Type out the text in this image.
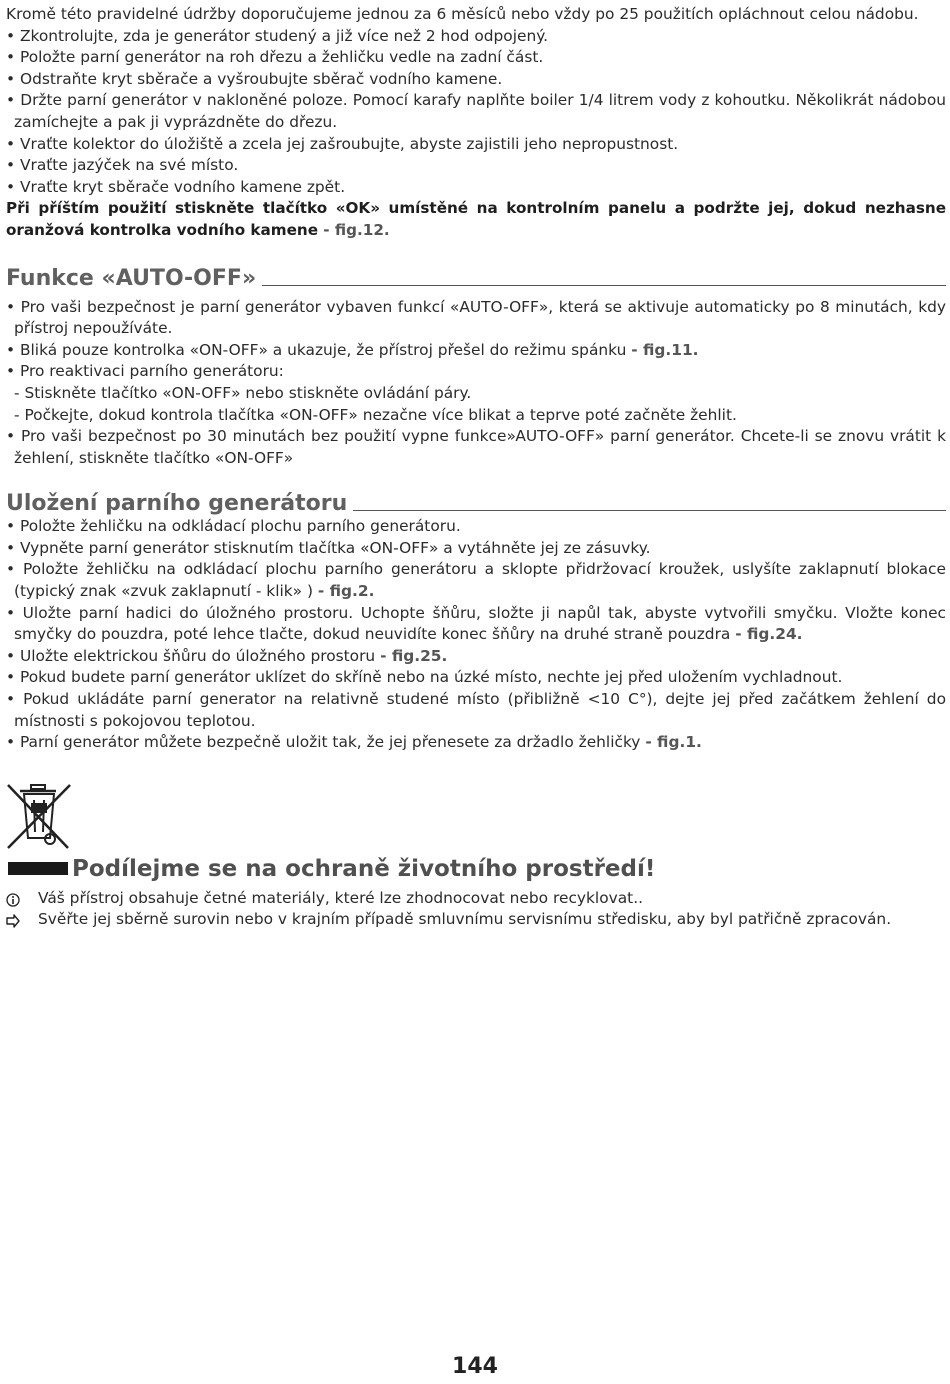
Kromě této pravidelné údržby doporučujeme jednou za 6 měsíců nebo vždy po 25 použitích opláchnout celou nádobu.
• Zkontrolujte, zda je generátor studený a již více než 2 hod odpojený.
• Položte parní generátor na roh dřezu a žehličku vedle na zadní část.
• Odstraňte kryt sběrače a vyšroubujte sběrač vodního kamene.
• Držte parní generátor v nakloněné poloze. Pomocí karafy naplňte boiler 1/4 litrem vody z kohoutku. Několikrát nádobou zamíchejte a pak ji vyprázdněte do dřezu.
• Vraťte kolektor do úložiště a zcela jej zašroubujte, abyste zajistili jeho nepropustnost.
• Vraťte jazýček na své místo.
• Vraťte kryt sběrače vodního kamene zpět.
Při příštím použití stiskněte tlačítko «OK» umístěné na kontrolním panelu a podržte jej, dokud nezhasne oranžová kontrolka vodního kamene - fig.12.
Funkce «AUTO-OFF»
• Pro vaši bezpečnost je parní generátor vybaven funkcí «AUTO-OFF», která se aktivuje automaticky po 8 minutách, kdy přístroj nepoužíváte.
• Bliká pouze kontrolka «ON-OFF» a ukazuje, že přístroj přešel do režimu spánku - fig.11.
• Pro reaktivaci parního generátoru:
- Stiskněte tlačítko «ON-OFF» nebo stiskněte ovládání páry.
- Počkejte, dokud kontrola tlačítka «ON-OFF» nezačne více blikat a teprve poté začněte žehlit.
• Pro vaši bezpečnost po 30 minutách bez použití vypne funkce»AUTO-OFF» parní generátor. Chcete-li se znovu vrátit k žehlení, stiskněte tlačítko «ON-OFF»
Uložení parního generátoru
• Položte žehličku na odkládací plochu parního generátoru.
• Vypněte parní generátor stisknutím tlačítka «ON-OFF» a vytáhněte jej ze zásuvky.
• Položte žehličku na odkládací plochu parního generátoru a sklopte přidržovací kroužek, uslyšíte zaklapnutí blokace (typický znak «zvuk zaklapnutí - klik» ) - fig.2.
• Uložte parní hadici do úložného prostoru. Uchopte šňůru, složte ji napůl tak, abyste vytvořili smyčku. Vložte konec smyčky do pouzdra, poté lehce tlačte, dokud neuvidíte konec šňůry na druhé straně pouzdra - fig.24.
• Uložte elektrickou šňůru do úložného prostoru - fig.25.
• Pokud budete parní generátor uklízet do skříně nebo na úzké místo, nechte jej před uložením vychladnout.
• Pokud ukládáte parní generator na relativně studené místo (přibližně <10 C°), dejte jej před začátkem žehlení do místnosti s pokojovou teplotou.
• Parní generátor můžete bezpečně uložit tak, že jej přenesete za držadlo žehličky - fig.1.
Podílejme se na ochraně životního prostředí!
Váš přístroj obsahuje četné materiály, které lze zhodnocovat nebo recyklovat..
Svěřte jej sběrně surovin nebo v krajním případě smluvnímu servisnímu středisku, aby byl patřičně zpracován.
144
